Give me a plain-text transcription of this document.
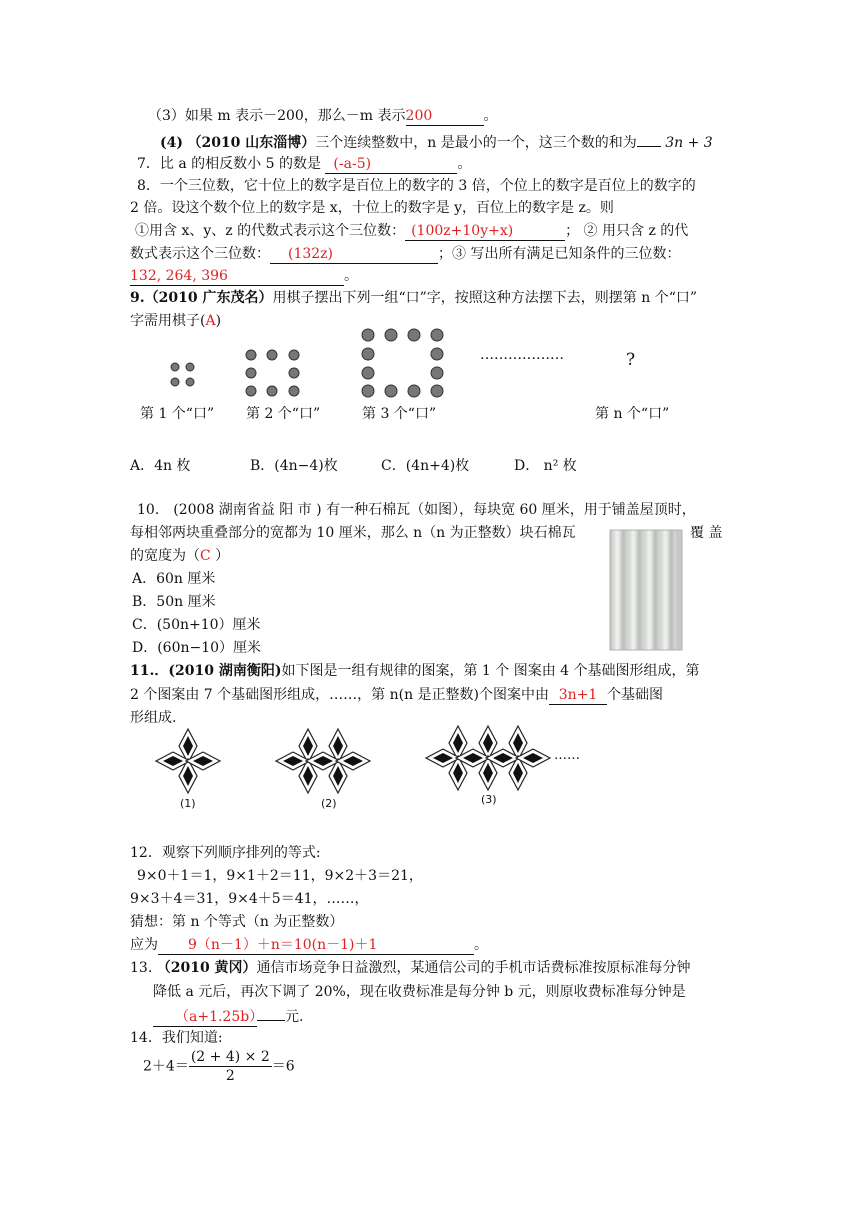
（3）如果 m 表示－200，那么－m 表示200	。
(4) （2010 山东淄博）三个连续整数中，n 是最小的一个，这三个数的和为 3n + 3
7．比 a 的相反数小 5 的数是 (-a-5)	。
8．一个三位数，它十位上的数字是百位上的数字的 3 倍，个位上的数字是百位上的数字的
2 倍。设这个数个位上的数字是 x，十位上的数字是 y，百位上的数字是 z。则
①用含 x、y、z 的代数式表示这个三位数： (100z+10y+x)	； ② 用只含 z 的代
数式表示这个三位数： (132z)	；③ 写出所有满足已知条件的三位数：
132, 264, 396	。
9.（2010 广东茂名）用棋子摆出下列一组“口”字，按照这种方法摆下去，则摆第 n 个“口”
字需用棋子(A)
………………	?
第 1 个“口” 第 2 个“口”	第 3 个“口”	第 n 个“口”
A．4n 枚	B．(4n−4)枚	C．(4n+4)枚	D． n² 枚
10． (2008 湖南省益 阳 市 ) 有一种石棉瓦（如图），每块宽 60 厘米，用于铺盖屋顶时，
每相邻两块重叠部分的宽都为 10 厘米，那么 n（n 为正整数）块石棉瓦	覆 盖
的宽度为（C ）
A．60n 厘米
B．50n 厘米
C．(50n+10）厘米
D．(60n−10）厘米
11.．(2010 湖南衡阳)如下图是一组有规律的图案，第 1 个 图案由 4 个基础图形组成，第
2 个图案由 7 个基础图形组成，……，第 n(n 是正整数)个图案中由 3n+1 个基础图
形组成.
……
(1)	(2)	(3)
12．观察下列顺序排列的等式:
9×0＋1＝1，9×1＋2＝11，9×2＋3＝21，
9×3＋4＝31，9×4＋5＝41，……，
猜想：第 n 个等式（n 为正整数）
应为 9（n－1）＋n＝10(n－1)＋1	。
13. （2010 黄冈）通信市场竞争日益激烈，某通信公司的手机市话费标准按原标准每分钟
降低 a 元后，再次下调了 20%，现在收费标准是每分钟 b 元，则原收费标准每分钟是
（a+1.25b） 元.
14．我们知道:
$2+4= \frac{(2 + 4) \times 2}{2} =6$
